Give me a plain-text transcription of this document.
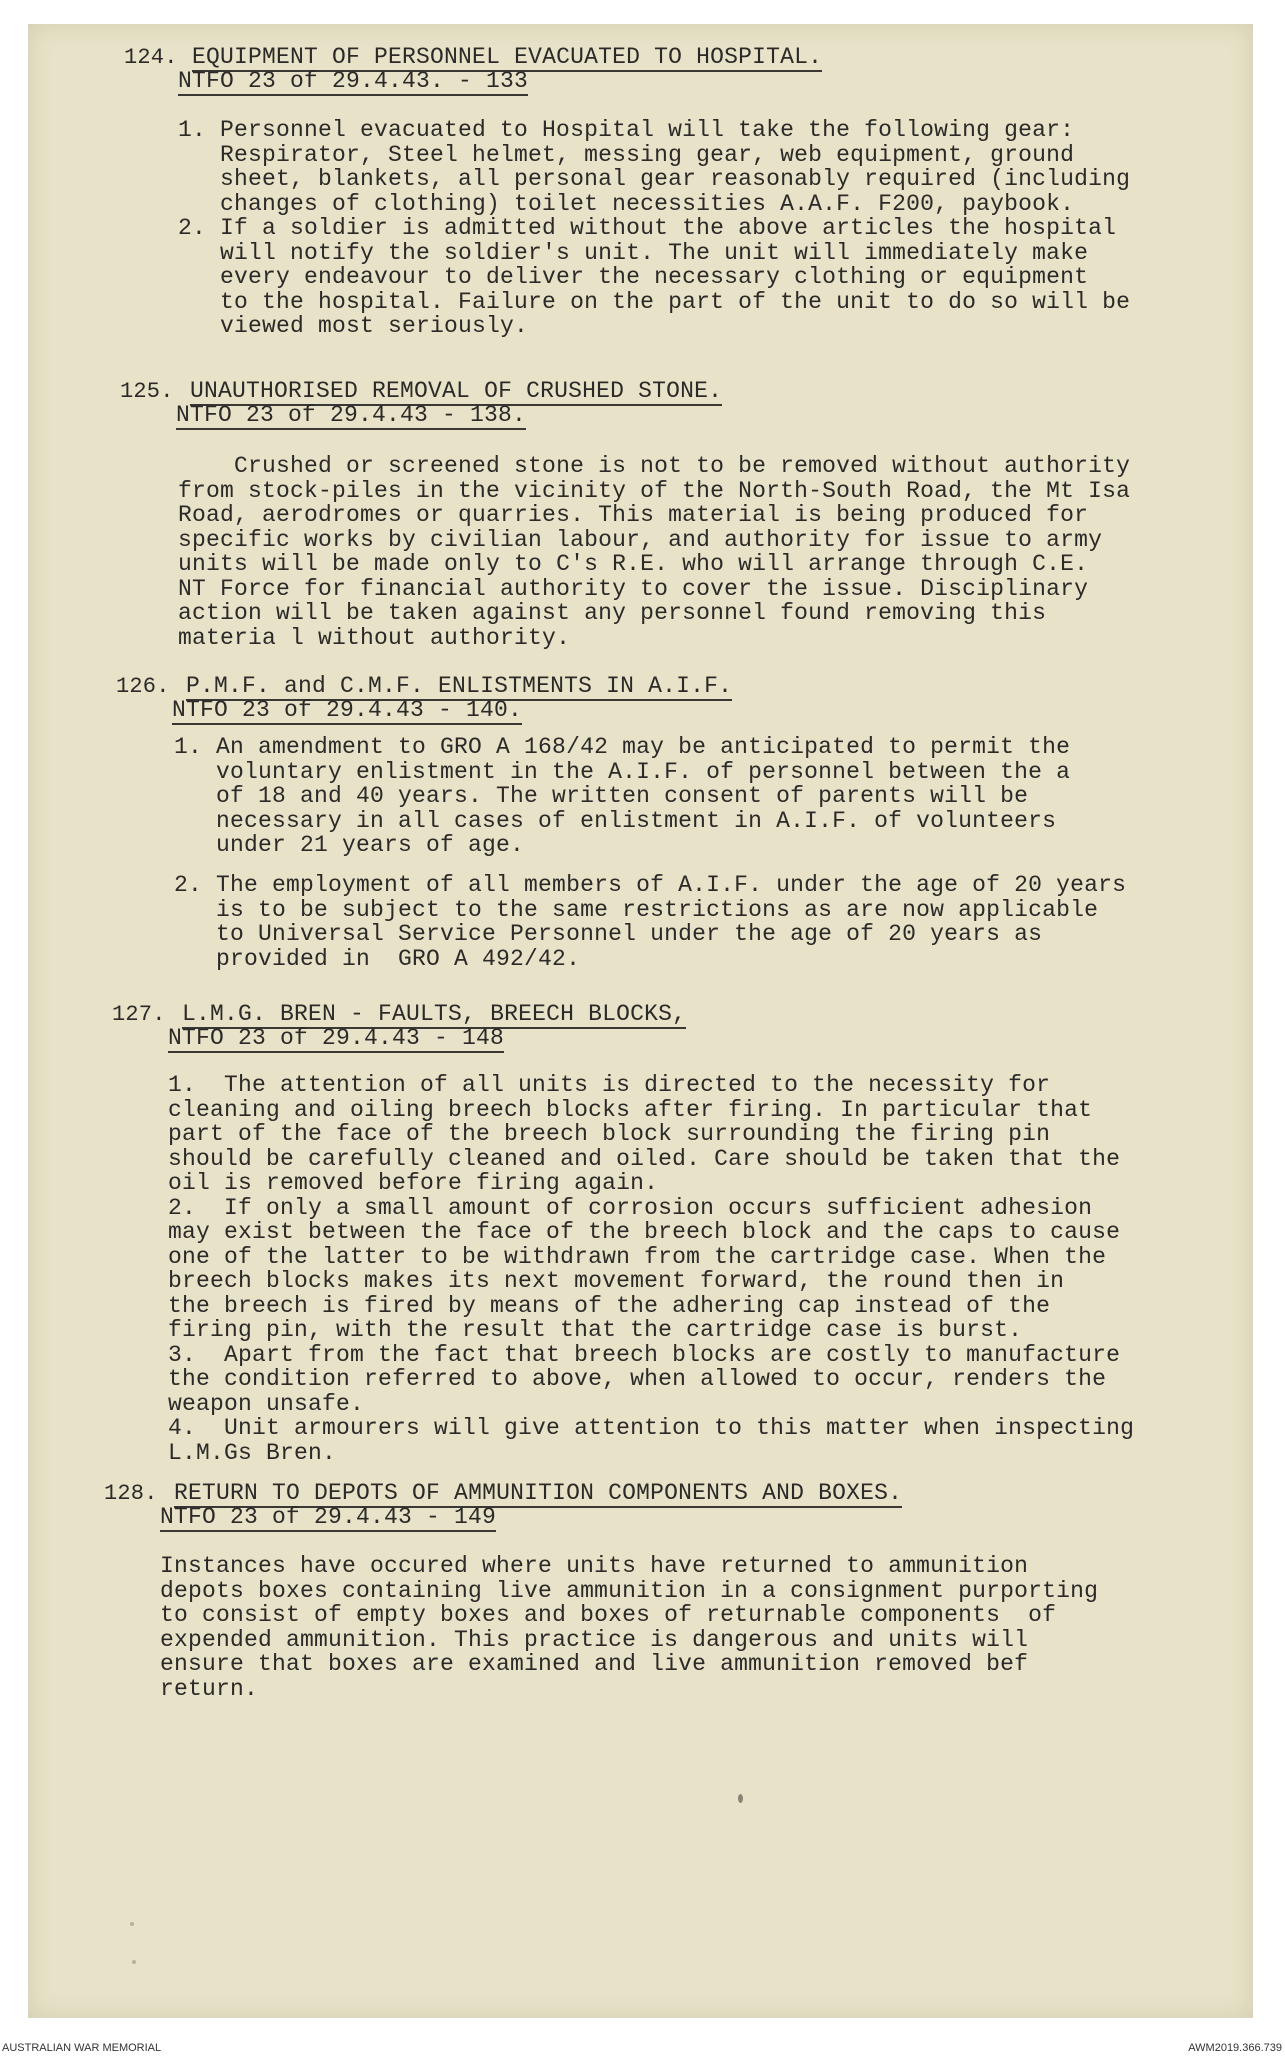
124. EQUIPMENT OF PERSONNEL EVACUATED TO HOSPITAL.
NTFO 23 of 29.4.43. - 133
1. Personnel evacuated to Hospital will take the following gear:
Respirator, Steel helmet, messing gear, web equipment, ground
sheet, blankets, all personal gear reasonably required (including
changes of clothing) toilet necessities A.A.F. F200, paybook.
2. If a soldier is admitted without the above articles the hospital
will notify the soldier's unit. The unit will immediately make
every endeavour to deliver the necessary clothing or equipment
to the hospital. Failure on the part of the unit to do so will be
viewed most seriously.
125. UNAUTHORISED REMOVAL OF CRUSHED STONE.
NTFO 23 of 29.4.43 - 138.
Crushed or screened stone is not to be removed without authority
from stock-piles in the vicinity of the North-South Road, the Mt Isa
Road, aerodromes or quarries. This material is being produced for
specific works by civilian labour, and authority for issue to army
units will be made only to C's R.E. who will arrange through C.E.
NT Force for financial authority to cover the issue. Disciplinary
action will be taken against any personnel found removing this
materia l without authority.
126. P.M.F. and C.M.F. ENLISTMENTS IN A.I.F.
NTFO 23 of 29.4.43 - 140.
1. An amendment to GRO A 168/42 may be anticipated to permit the
voluntary enlistment in the A.I.F. of personnel between the a
of 18 and 40 years. The written consent of parents will be
necessary in all cases of enlistment in A.I.F. of volunteers
under 21 years of age.
2. The employment of all members of A.I.F. under the age of 20 years
is to be subject to the same restrictions as are now applicable
to Universal Service Personnel under the age of 20 years as
provided in  GRO A 492/42.
127. L.M.G. BREN - FAULTS, BREECH BLOCKS,
NTFO 23 of 29.4.43 - 148
1.  The attention of all units is directed to the necessity for
cleaning and oiling breech blocks after firing. In particular that
part of the face of the breech block surrounding the firing pin
should be carefully cleaned and oiled. Care should be taken that the
oil is removed before firing again.
2.  If only a small amount of corrosion occurs sufficient adhesion
may exist between the face of the breech block and the caps to cause
one of the latter to be withdrawn from the cartridge case. When the
breech blocks makes its next movement forward, the round then in
the breech is fired by means of the adhering cap instead of the
firing pin, with the result that the cartridge case is burst.
3.  Apart from the fact that breech blocks are costly to manufacture
the condition referred to above, when allowed to occur, renders the
weapon unsafe.
4.  Unit armourers will give attention to this matter when inspecting
L.M.Gs Bren.
128. RETURN TO DEPOTS OF AMMUNITION COMPONENTS AND BOXES.
NTFO 23 of 29.4.43 - 149
Instances have occured where units have returned to ammunition
depots boxes containing live ammunition in a consignment purporting
to consist of empty boxes and boxes of returnable components  of
expended ammunition. This practice is dangerous and units will
ensure that boxes are examined and live ammunition removed bef
return.
AUSTRALIAN WAR MEMORIAL	AWM2019.366.739
